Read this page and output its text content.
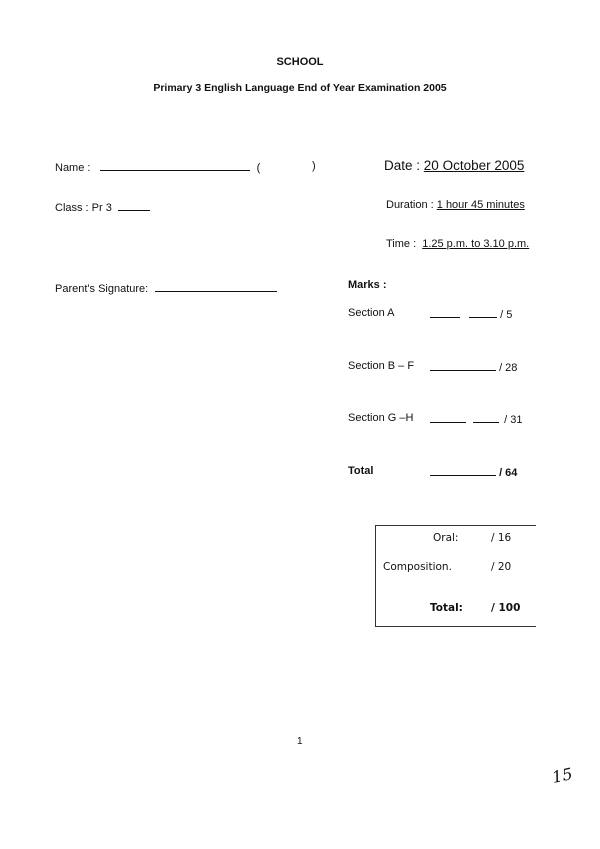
SCHOOL
Primary 3 English Language End of Year Examination 2005
Name :	(	)
Class : Pr 3
Parent's Signature:
Date : 20 October 2005
Duration : 1 hour 45 minutes
Time : 1.25 p.m. to 3.10 p.m.
Marks :
Section A	/ 5
Section B – F	/ 28
Section G –H	/ 31
Total	/ 64
Oral:	/ 16
Composition.	/ 20
Total:	/ 100
1
15
